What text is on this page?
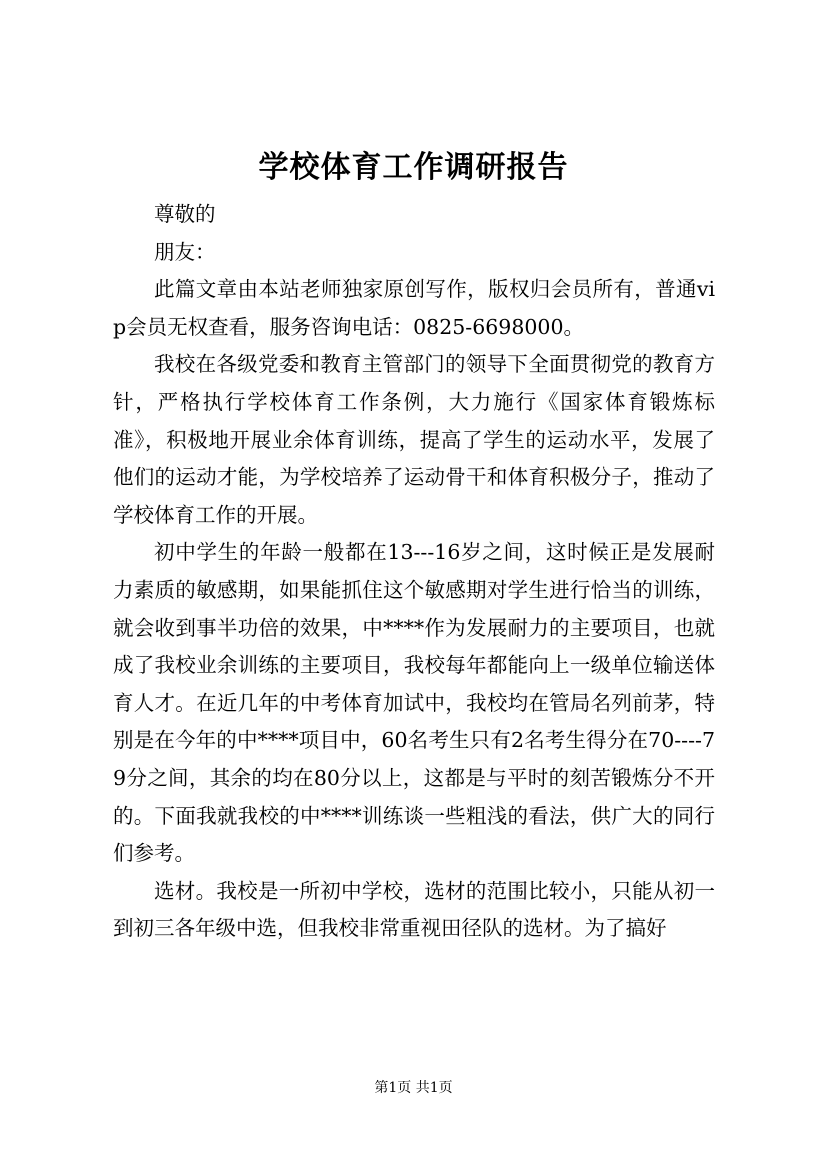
学校体育工作调研报告

尊敬的

朋友：

此篇文章由本站老师独家原创写作，版权归会员所有，普通vip会员无权查看，服务咨询电话：0825-6698000。

我校在各级党委和教育主管部门的领导下全面贯彻党的教育方针，严格执行学校体育工作条例，大力施行《国家体育锻炼标准》，积极地开展业余体育训练，提高了学生的运动水平，发展了他们的运动才能，为学校培养了运动骨干和体育积极分子，推动了学校体育工作的开展。

初中学生的年龄一般都在13---16岁之间，这时候正是发展耐力素质的敏感期，如果能抓住这个敏感期对学生进行恰当的训练，就会收到事半功倍的效果，中****作为发展耐力的主要项目，也就成了我校业余训练的主要项目，我校每年都能向上一级单位输送体育人才。在近几年的中考体育加试中，我校均在管局名列前茅，特别是在今年的中****项目中，60名考生只有2名考生得分在70----79分之间，其余的均在80分以上，这都是与平时的刻苦锻炼分不开的。下面我就我校的中****训练谈一些粗浅的看法，供广大的同行们参考。

选材。我校是一所初中学校，选材的范围比较小，只能从初一到初三各年级中选，但我校非常重视田径队的选材。为了搞好

第1页 共1页
